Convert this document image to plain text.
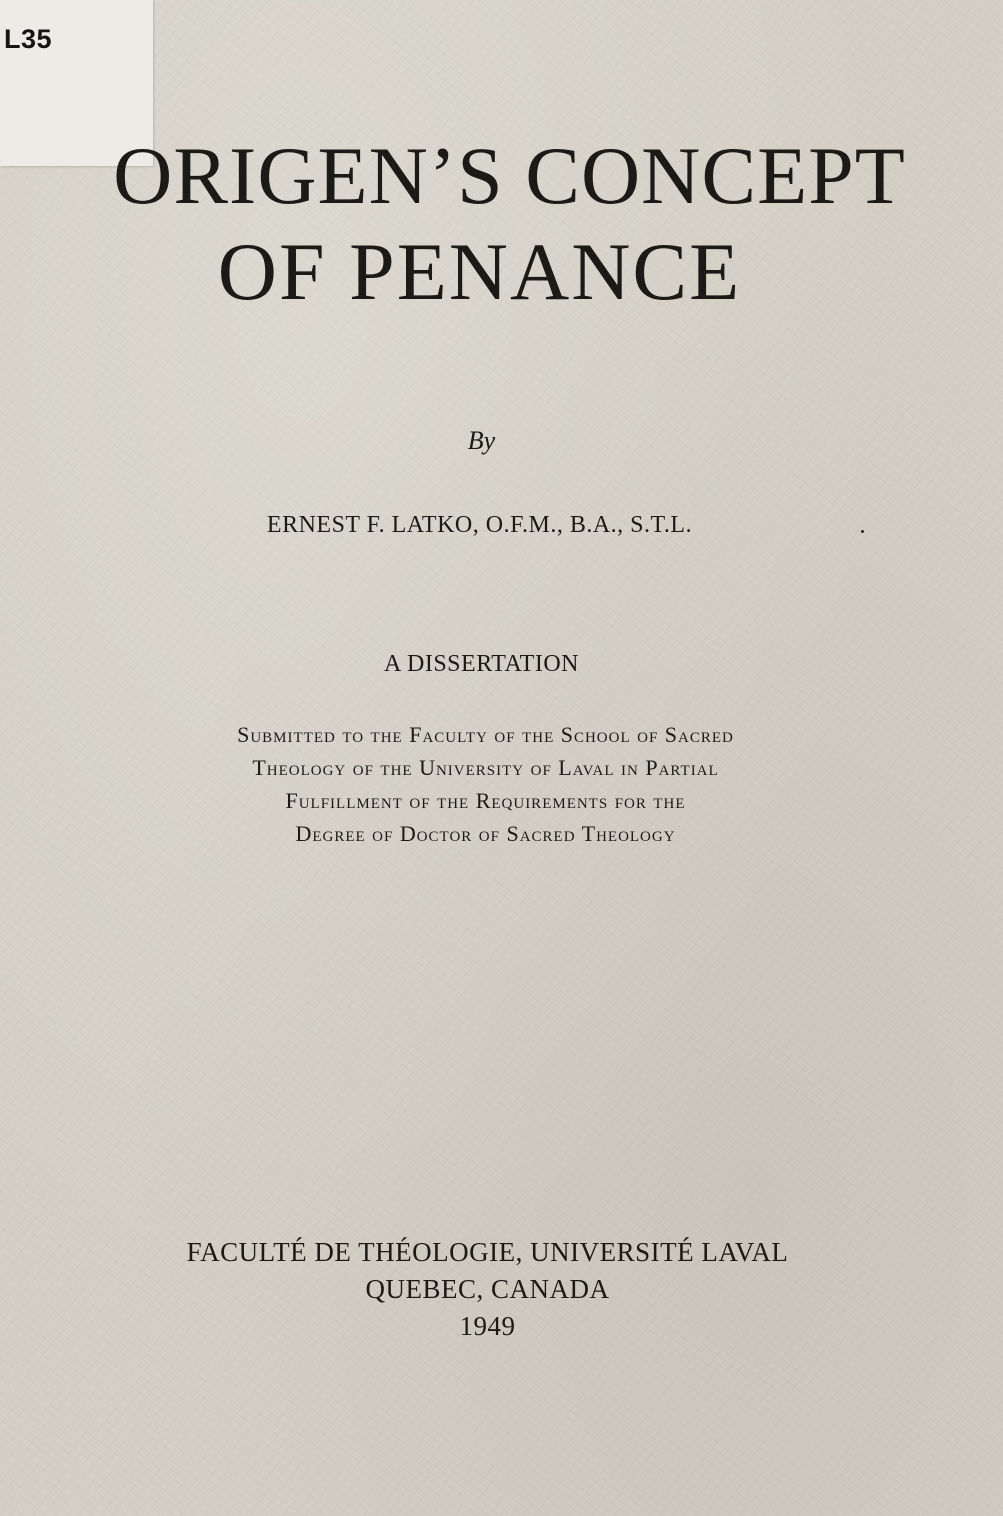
L35
ORIGEN’S CONCEPT
OF PENANCE
By
ERNEST F. LATKO, O.F.M., B.A., S.T.L.
A DISSERTATION
Submitted to the Faculty of the School of Sacred
Theology of the University of Laval in Partial
Fulfillment of the Requirements for the
Degree of Doctor of Sacred Theology
FACULTÉ DE THÉOLOGIE, UNIVERSITÉ LAVAL
QUEBEC, CANADA
1949
